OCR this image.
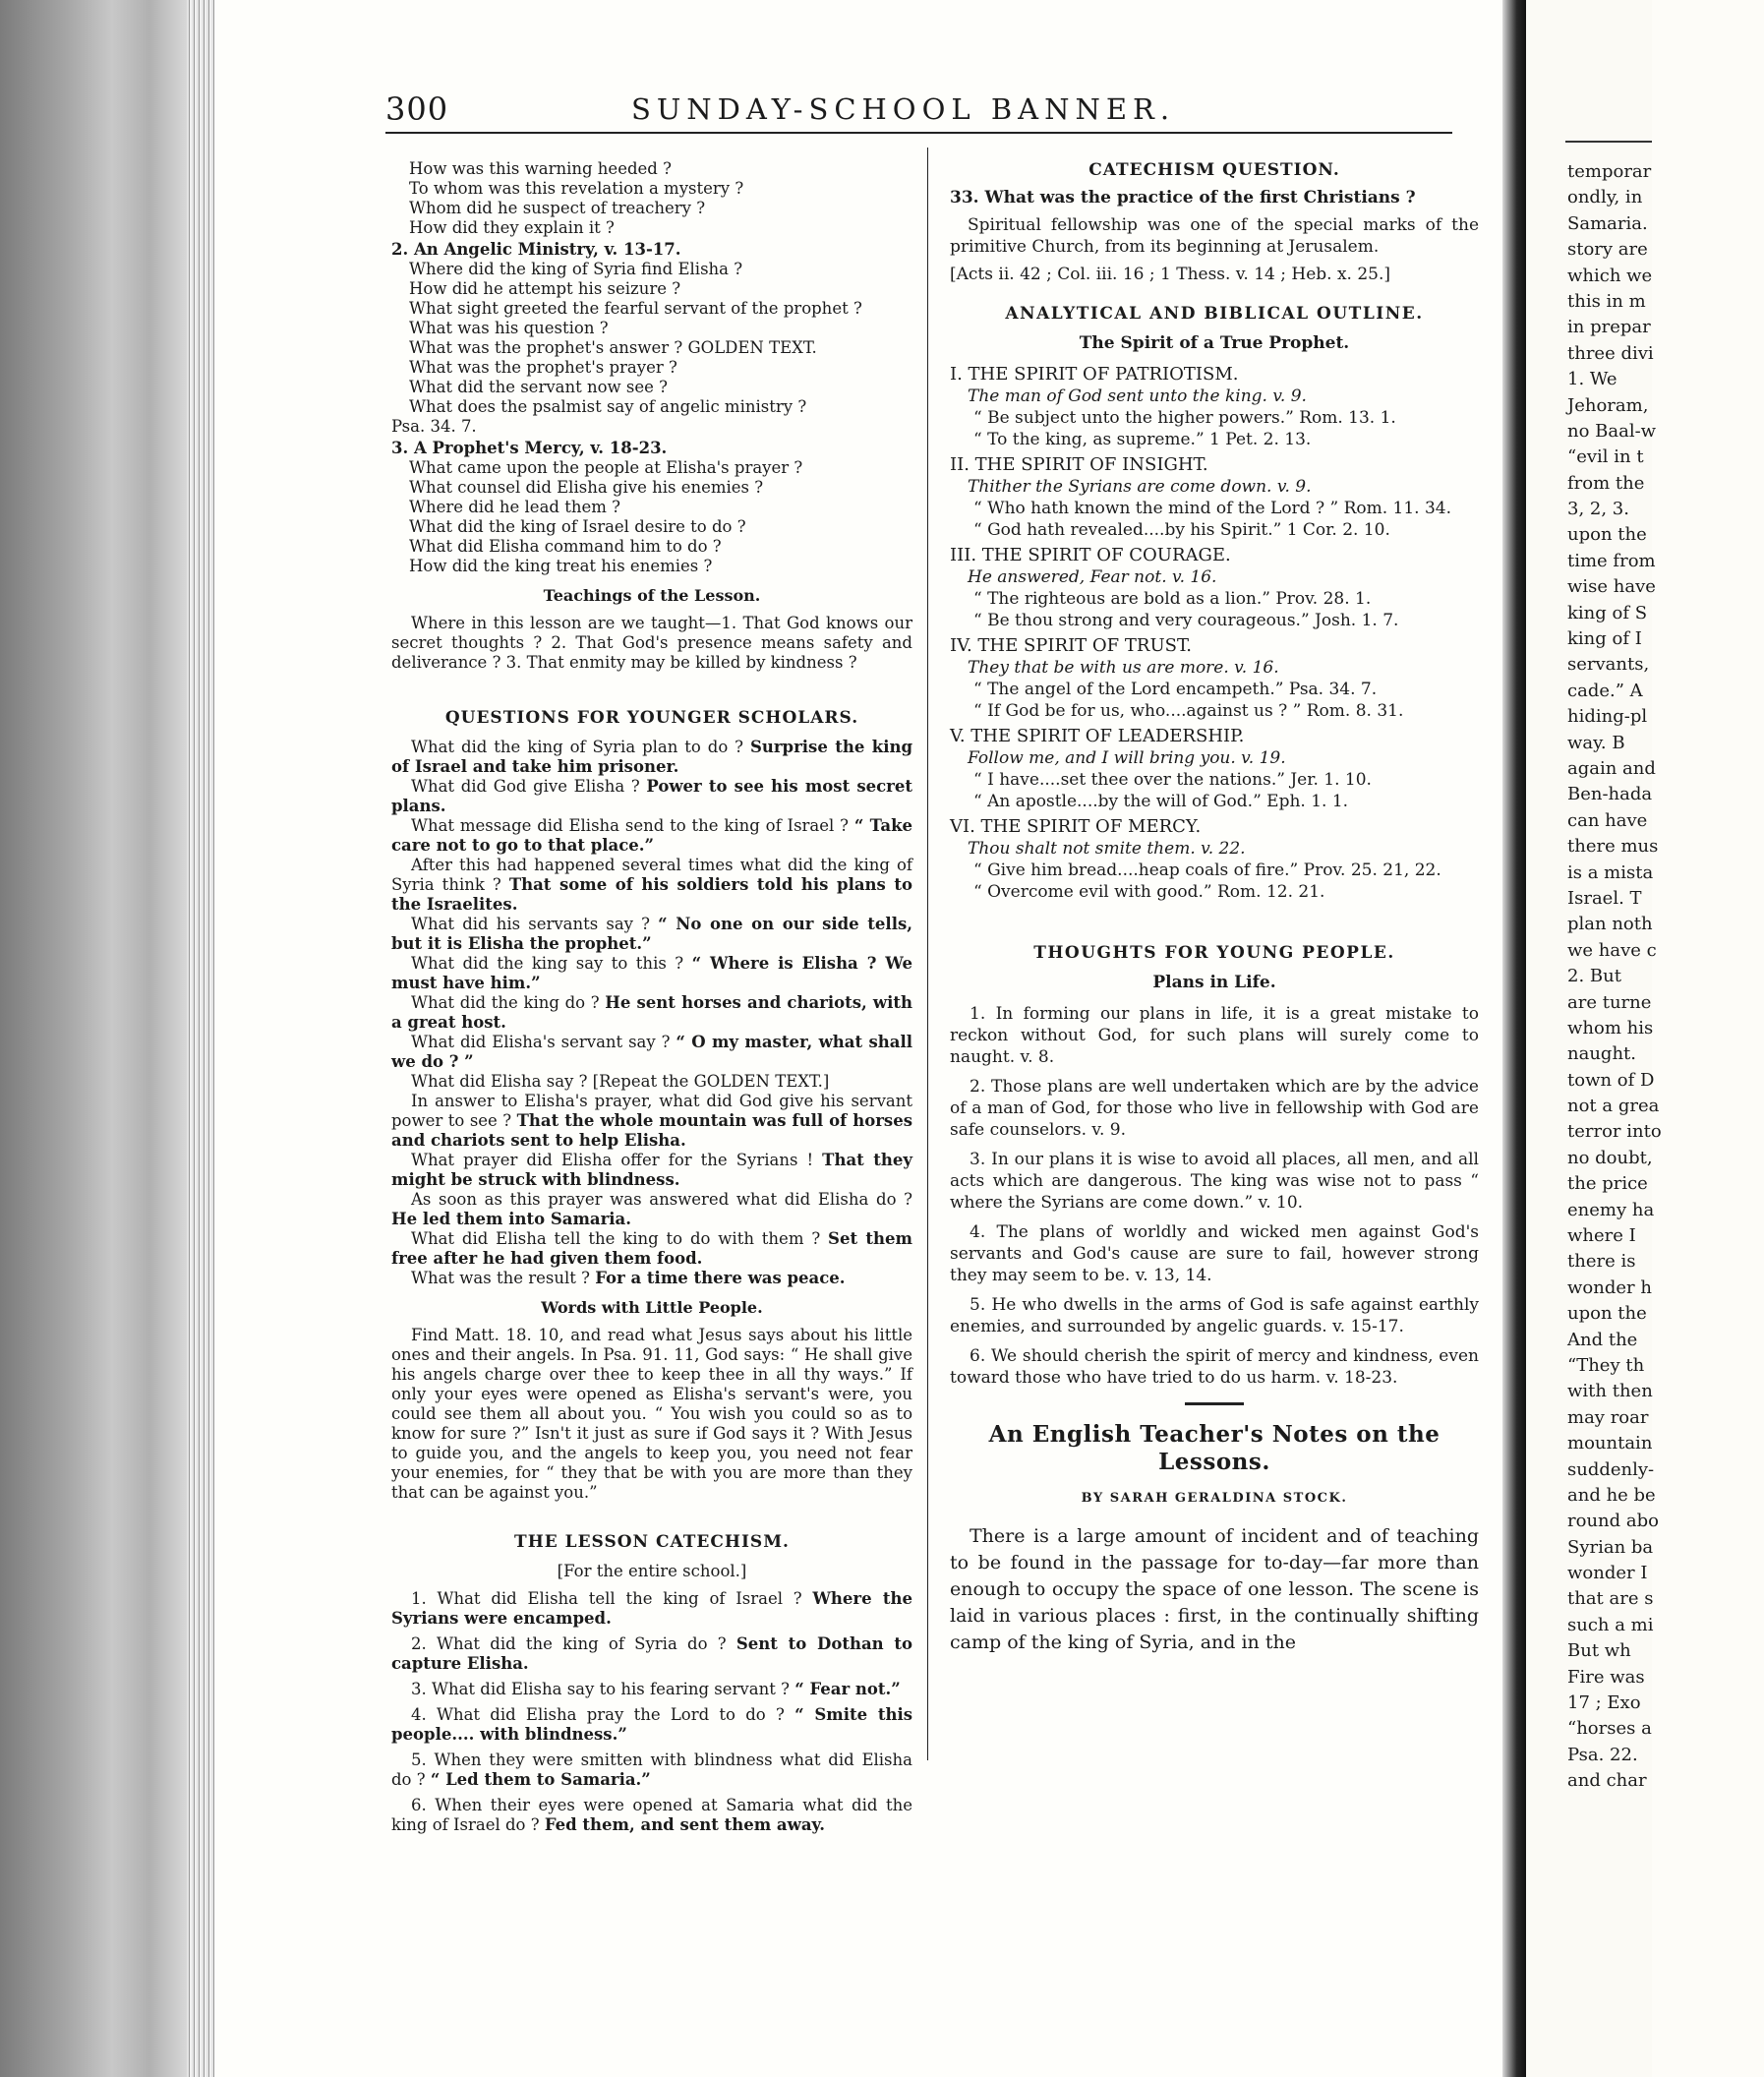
temporar
ondly, in
Samaria.
story are
which we
this in m
in prepar
three divi
1. We
Jehoram,
no Baal-w
“evil in t
from the
3, 2, 3.
upon the
time from
wise have
king of S
king of I
servants,
cade.” A
hiding-pl
way. B
again and
Ben-hada
can have
there mus
is a mista
Israel. T
plan noth
we have c
2. But
are turne
whom his
naught.
town of D
not a grea
terror into
no doubt,
the price
enemy ha
where I
there is
wonder h
upon the
And the
“They th
with then
may roar
mountain
suddenly-
and he be
round abo
Syrian ba
wonder I
that are s
such a mi
But wh
Fire was
17 ; Exo
“horses a
Psa. 22.
and char
300	SUNDAY-SCHOOL BANNER.
How was this warning heeded ?
To whom was this revelation a mystery ?
Whom did he suspect of treachery ?
How did they explain it ?
2. An Angelic Ministry, v. 13-17.
Where did the king of Syria find Elisha ?
How did he attempt his seizure ?
What sight greeted the fearful servant of the prophet ?
What was his question ?
What was the prophet's answer ? GOLDEN TEXT.
What was the prophet's prayer ?
What did the servant now see ?
What does the psalmist say of angelic ministry ?
Psa. 34. 7.
3. A Prophet's Mercy, v. 18-23.
What came upon the people at Elisha's prayer ?
What counsel did Elisha give his enemies ?
Where did he lead them ?
What did the king of Israel desire to do ?
What did Elisha command him to do ?
How did the king treat his enemies ?
Teachings of the Lesson.
Where in this lesson are we taught—1. That God knows our secret thoughts ? 2. That God's presence means safety and deliverance ? 3. That enmity may be killed by kindness ?
QUESTIONS FOR YOUNGER SCHOLARS.
What did the king of Syria plan to do ? Surprise the king of Israel and take him prisoner.
What did God give Elisha ? Power to see his most secret plans.
What message did Elisha send to the king of Israel ? “ Take care not to go to that place.”
After this had happened several times what did the king of Syria think ? That some of his soldiers told his plans to the Israelites.
What did his servants say ? “ No one on our side tells, but it is Elisha the prophet.”
What did the king say to this ? “ Where is Elisha ? We must have him.”
What did the king do ? He sent horses and chariots, with a great host.
What did Elisha's servant say ? “ O my master, what shall we do ? ”
What did Elisha say ? [Repeat the GOLDEN TEXT.]
In answer to Elisha's prayer, what did God give his servant power to see ? That the whole mountain was full of horses and chariots sent to help Elisha.
What prayer did Elisha offer for the Syrians ! That they might be struck with blindness.
As soon as this prayer was answered what did Elisha do ? He led them into Samaria.
What did Elisha tell the king to do with them ? Set them free after he had given them food.
What was the result ? For a time there was peace.
Words with Little People.
Find Matt. 18. 10, and read what Jesus says about his little ones and their angels. In Psa. 91. 11, God says: “ He shall give his angels charge over thee to keep thee in all thy ways.” If only your eyes were opened as Elisha's servant's were, you could see them all about you. “ You wish you could so as to know for sure ?” Isn't it just as sure if God says it ? With Jesus to guide you, and the angels to keep you, you need not fear your enemies, for “ they that be with you are more than they that can be against you.”
THE LESSON CATECHISM.
[For the entire school.]
1. What did Elisha tell the king of Israel ? Where the Syrians were encamped.
2. What did the king of Syria do ? Sent to Dothan to capture Elisha.
3. What did Elisha say to his fearing servant ? “ Fear not.”
4. What did Elisha pray the Lord to do ? “ Smite this people.... with blindness.”
5. When they were smitten with blindness what did Elisha do ? “ Led them to Samaria.”
6. When their eyes were opened at Samaria what did the king of Israel do ? Fed them, and sent them away.
CATECHISM QUESTION.
33. What was the practice of the first Christians ?
Spiritual fellowship was one of the special marks of the primitive Church, from its beginning at Jerusalem.
[Acts ii. 42 ; Col. iii. 16 ; 1 Thess. v. 14 ; Heb. x. 25.]
ANALYTICAL AND BIBLICAL OUTLINE.
The Spirit of a True Prophet.
I. THE SPIRIT OF PATRIOTISM.
The man of God sent unto the king. v. 9.
“ Be subject unto the higher powers.” Rom. 13. 1.
“ To the king, as supreme.” 1 Pet. 2. 13.
II. THE SPIRIT OF INSIGHT.
Thither the Syrians are come down. v. 9.
“ Who hath known the mind of the Lord ? ” Rom. 11. 34.
“ God hath revealed....by his Spirit.” 1 Cor. 2. 10.
III. THE SPIRIT OF COURAGE.
He answered, Fear not. v. 16.
“ The righteous are bold as a lion.” Prov. 28. 1.
“ Be thou strong and very courageous.” Josh. 1. 7.
IV. THE SPIRIT OF TRUST.
They that be with us are more. v. 16.
“ The angel of the Lord encampeth.” Psa. 34. 7.
“ If God be for us, who....against us ? ” Rom. 8. 31.
V. THE SPIRIT OF LEADERSHIP.
Follow me, and I will bring you. v. 19.
“ I have....set thee over the nations.” Jer. 1. 10.
“ An apostle....by the will of God.” Eph. 1. 1.
VI. THE SPIRIT OF MERCY.
Thou shalt not smite them. v. 22.
“ Give him bread....heap coals of fire.” Prov. 25. 21, 22.
“ Overcome evil with good.” Rom. 12. 21.
THOUGHTS FOR YOUNG PEOPLE.
Plans in Life.

1. In forming our plans in life, it is a great mistake to reckon without God, for such plans will surely come to naught. v. 8.

2. Those plans are well undertaken which are by the advice of a man of God, for those who live in fellowship with God are safe counselors. v. 9.

3. In our plans it is wise to avoid all places, all men, and all acts which are dangerous. The king was wise not to pass “ where the Syrians are come down.” v. 10.

4. The plans of worldly and wicked men against God's servants and God's cause are sure to fail, however strong they may seem to be. v. 13, 14.

5. He who dwells in the arms of God is safe against earthly enemies, and surrounded by angelic guards. v. 15-17.

6. We should cherish the spirit of mercy and kindness, even toward those who have tried to do us harm. v. 18-23.

An English Teacher's Notes on the Lessons.
BY SARAH GERALDINA STOCK.

There is a large amount of incident and of teaching to be found in the passage for to-day—far more than enough to occupy the space of one lesson. The scene is laid in various places : first, in the continually shifting camp of the king of Syria, and in the
